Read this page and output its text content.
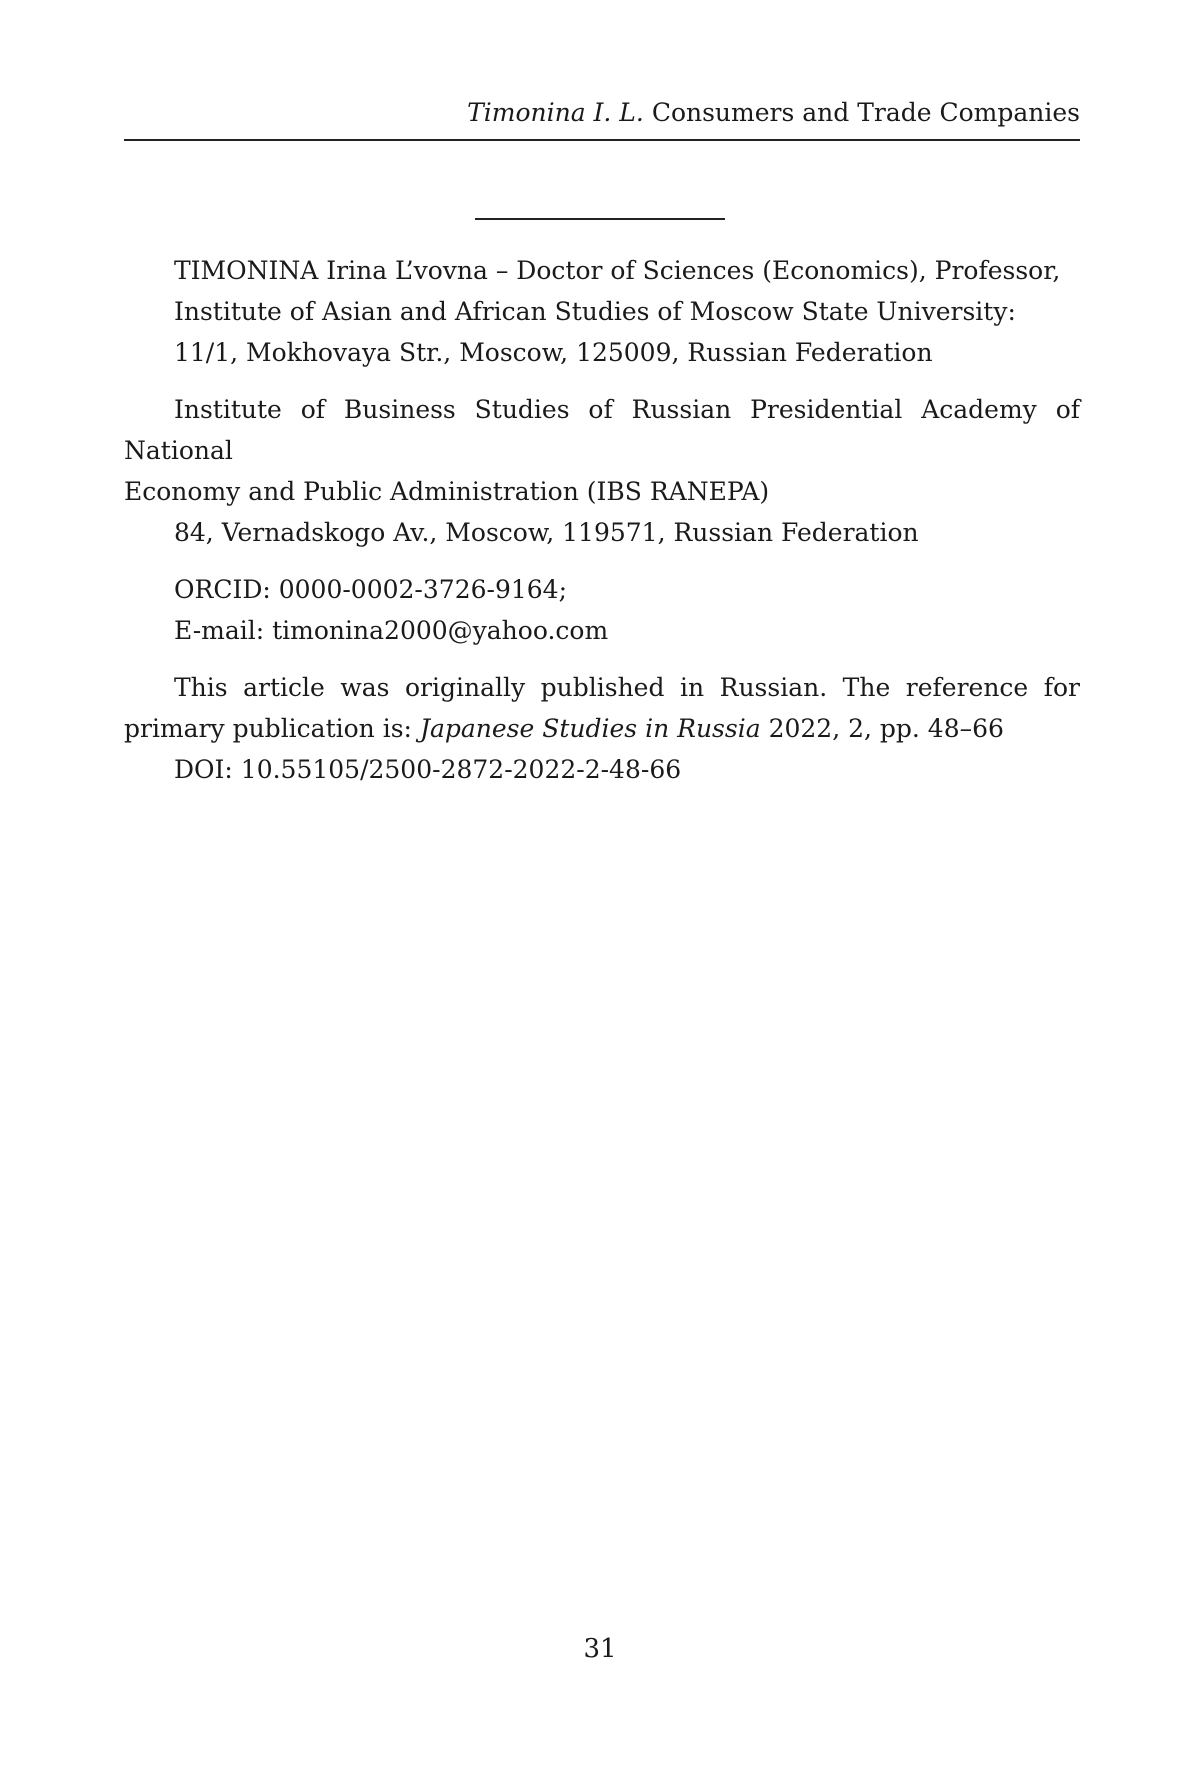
Timonina I. L. Consumers and Trade Companies

TIMONINA Irina L’vovna – Doctor of Sciences (Economics), Professor,

Institute of Asian and African Studies of Moscow State University:

11/1, Mokhovaya Str., Moscow, 125009, Russian Federation

Institute of Business Studies of Russian Presidential Academy of National

Economy and Public Administration (IBS RANEPA)

84, Vernadskogo Av., Moscow, 119571, Russian Federation

ORCID: 0000-0002-3726-9164;

E-mail: timonina2000@yahoo.com

This article was originally published in Russian. The reference for

primary publication is: Japanese Studies in Russia 2022, 2, pp. 48–66

DOI: 10.55105/2500-2872-2022-2-48-66

31
